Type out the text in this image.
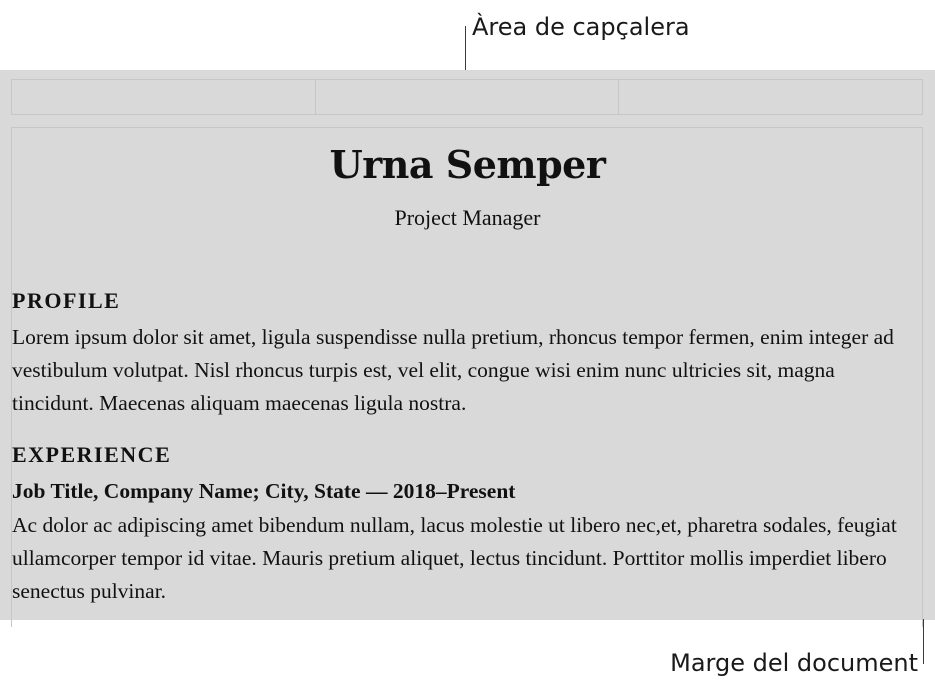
Àrea de capçalera
Urna Semper
Project Manager
PROFILE
Lorem ipsum dolor sit amet, ligula suspendisse nulla pretium, rhoncus tempor fermen, enim integer ad vestibulum volutpat. Nisl rhoncus turpis est, vel elit, congue wisi enim nunc ultricies sit, magna tincidunt. Maecenas aliquam maecenas ligula nostra.
EXPERIENCE
Job Title, Company Name; City, State — 2018–Present
Ac dolor ac adipiscing amet bibendum nullam, lacus molestie ut libero nec,et, pharetra sodales, feugiat ullamcorper tempor id vitae. Mauris pretium aliquet, lectus tincidunt. Porttitor mollis imperdiet libero senectus pulvinar.
Marge del document
